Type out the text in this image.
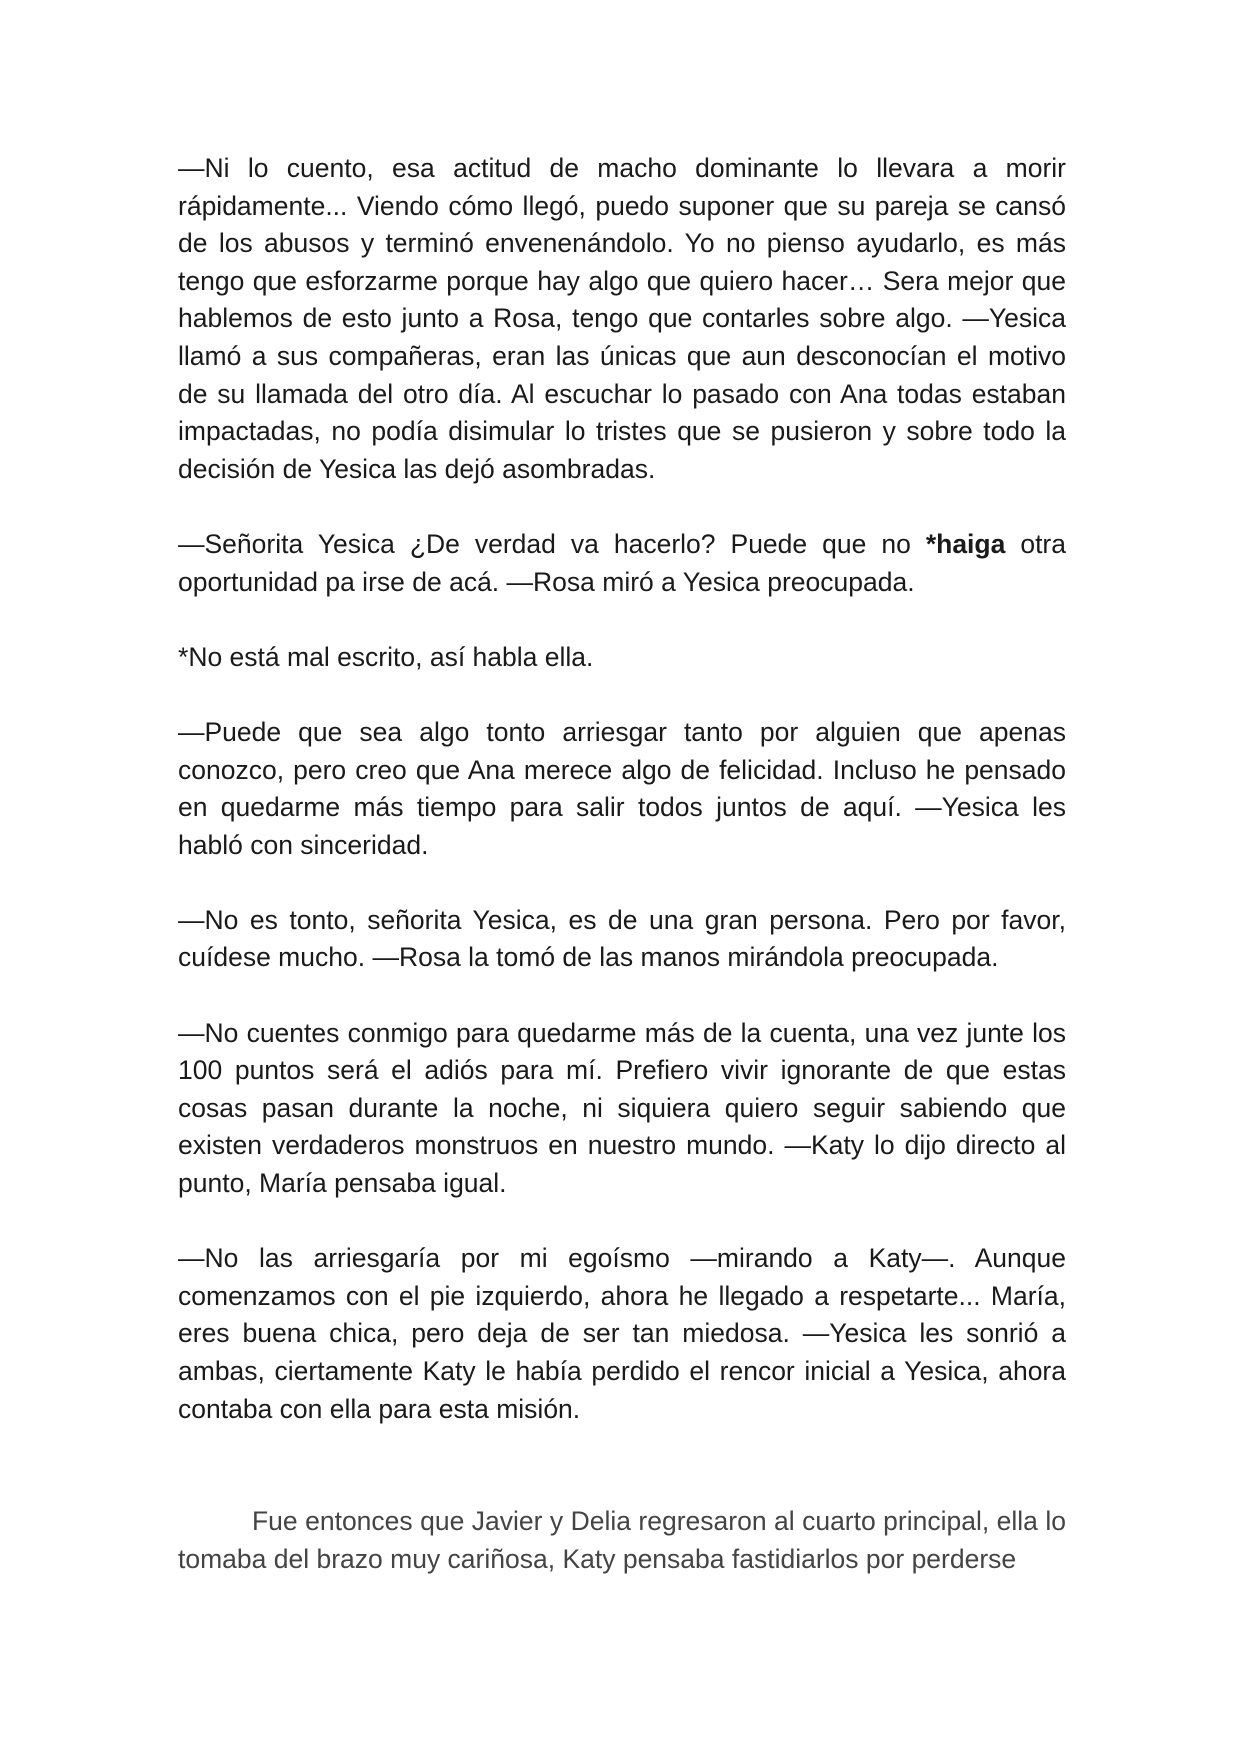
—Ni lo cuento, esa actitud de macho dominante lo llevara a morir rápidamente... Viendo cómo llegó, puedo suponer que su pareja se cansó de los abusos y terminó envenenándolo. Yo no pienso ayudarlo, es más tengo que esforzarme porque hay algo que quiero hacer… Sera mejor que hablemos de esto junto a Rosa, tengo que contarles sobre algo. —Yesica llamó a sus compañeras, eran las únicas que aun desconocían el motivo de su llamada del otro día. Al escuchar lo pasado con Ana todas estaban impactadas, no podía disimular lo tristes que se pusieron y sobre todo la decisión de Yesica las dejó asombradas.

—Señorita Yesica ¿De verdad va hacerlo? Puede que no *haiga otra oportunidad pa irse de acá. —Rosa miró a Yesica preocupada.

*No está mal escrito, así habla ella.

—Puede que sea algo tonto arriesgar tanto por alguien que apenas conozco, pero creo que Ana merece algo de felicidad. Incluso he pensado en quedarme más tiempo para salir todos juntos de aquí. —Yesica les habló con sinceridad.

—No es tonto, señorita Yesica, es de una gran persona. Pero por favor, cuídese mucho. —Rosa la tomó de las manos mirándola preocupada.

—No cuentes conmigo para quedarme más de la cuenta, una vez junte los 100 puntos será el adiós para mí. Prefiero vivir ignorante de que estas cosas pasan durante la noche, ni siquiera quiero seguir sabiendo que existen verdaderos monstruos en nuestro mundo. —Katy lo dijo directo al punto, María pensaba igual.

—No las arriesgaría por mi egoísmo —mirando a Katy—. Aunque comenzamos con el pie izquierdo, ahora he llegado a respetarte... María, eres buena chica, pero deja de ser tan miedosa. —Yesica les sonrió a ambas, ciertamente Katy le había perdido el rencor inicial a Yesica, ahora contaba con ella para esta misión.

Fue entonces que Javier y Delia regresaron al cuarto principal, ella lo tomaba del brazo muy cariñosa, Katy pensaba fastidiarlos por perderse
